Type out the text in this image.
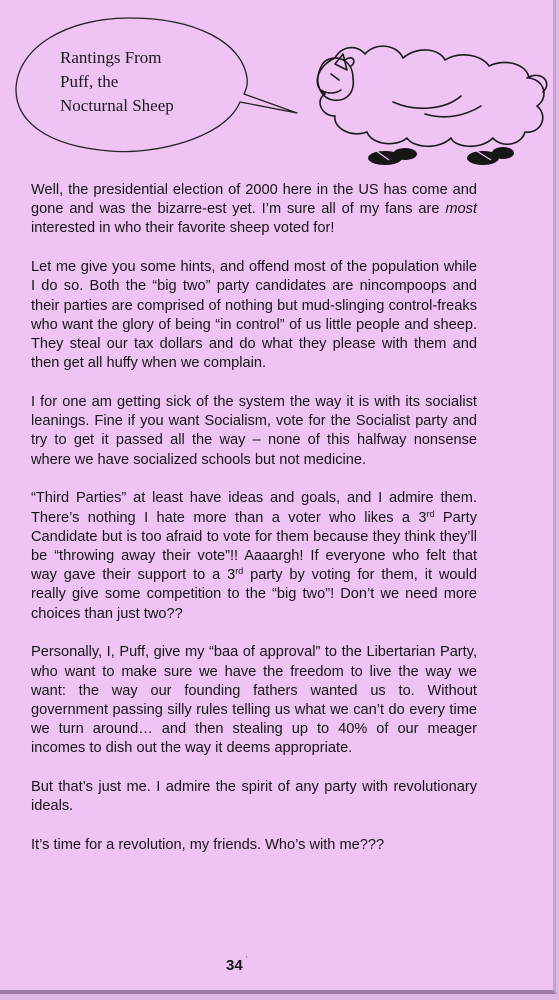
Rantings From
Puff, the
Nocturnal Sheep

Well, the presidential election of 2000 here in the US has come and gone and was the bizarre-est yet. I’m sure all of my fans are most interested in who their favorite sheep voted for!

Let me give you some hints, and offend most of the population while I do so. Both the “big two” party candidates are nincompoops and their parties are comprised of nothing but mud-slinging control-freaks who want the glory of being “in control” of us little people and sheep. They steal our tax dollars and do what they please with them and then get all huffy when we complain.

I for one am getting sick of the system the way it is with its socialist leanings. Fine if you want Socialism, vote for the Socialist party and try to get it passed all the way – none of this halfway nonsense where we have socialized schools but not medicine.

“Third Parties” at least have ideas and goals, and I admire them. There’s nothing I hate more than a voter who likes a 3rd Party Candidate but is too afraid to vote for them because they think they’ll be “throwing away their vote”!! Aaaargh! If everyone who felt that way gave their support to a 3rd party by voting for them, it would really give some competition to the “big two”! Don’t we need more choices than just two??

Personally, I, Puff, give my “baa of approval” to the Libertarian Party, who want to make sure we have the freedom to live the way we want: the way our founding fathers wanted us to. Without government passing silly rules telling us what we can’t do every time we turn around… and then stealing up to 40% of our meager incomes to dish out the way it deems appropriate.

But that’s just me. I admire the spirit of any party with revolutionary ideals.

It’s time for a revolution, my friends. Who’s with me???

34 '
